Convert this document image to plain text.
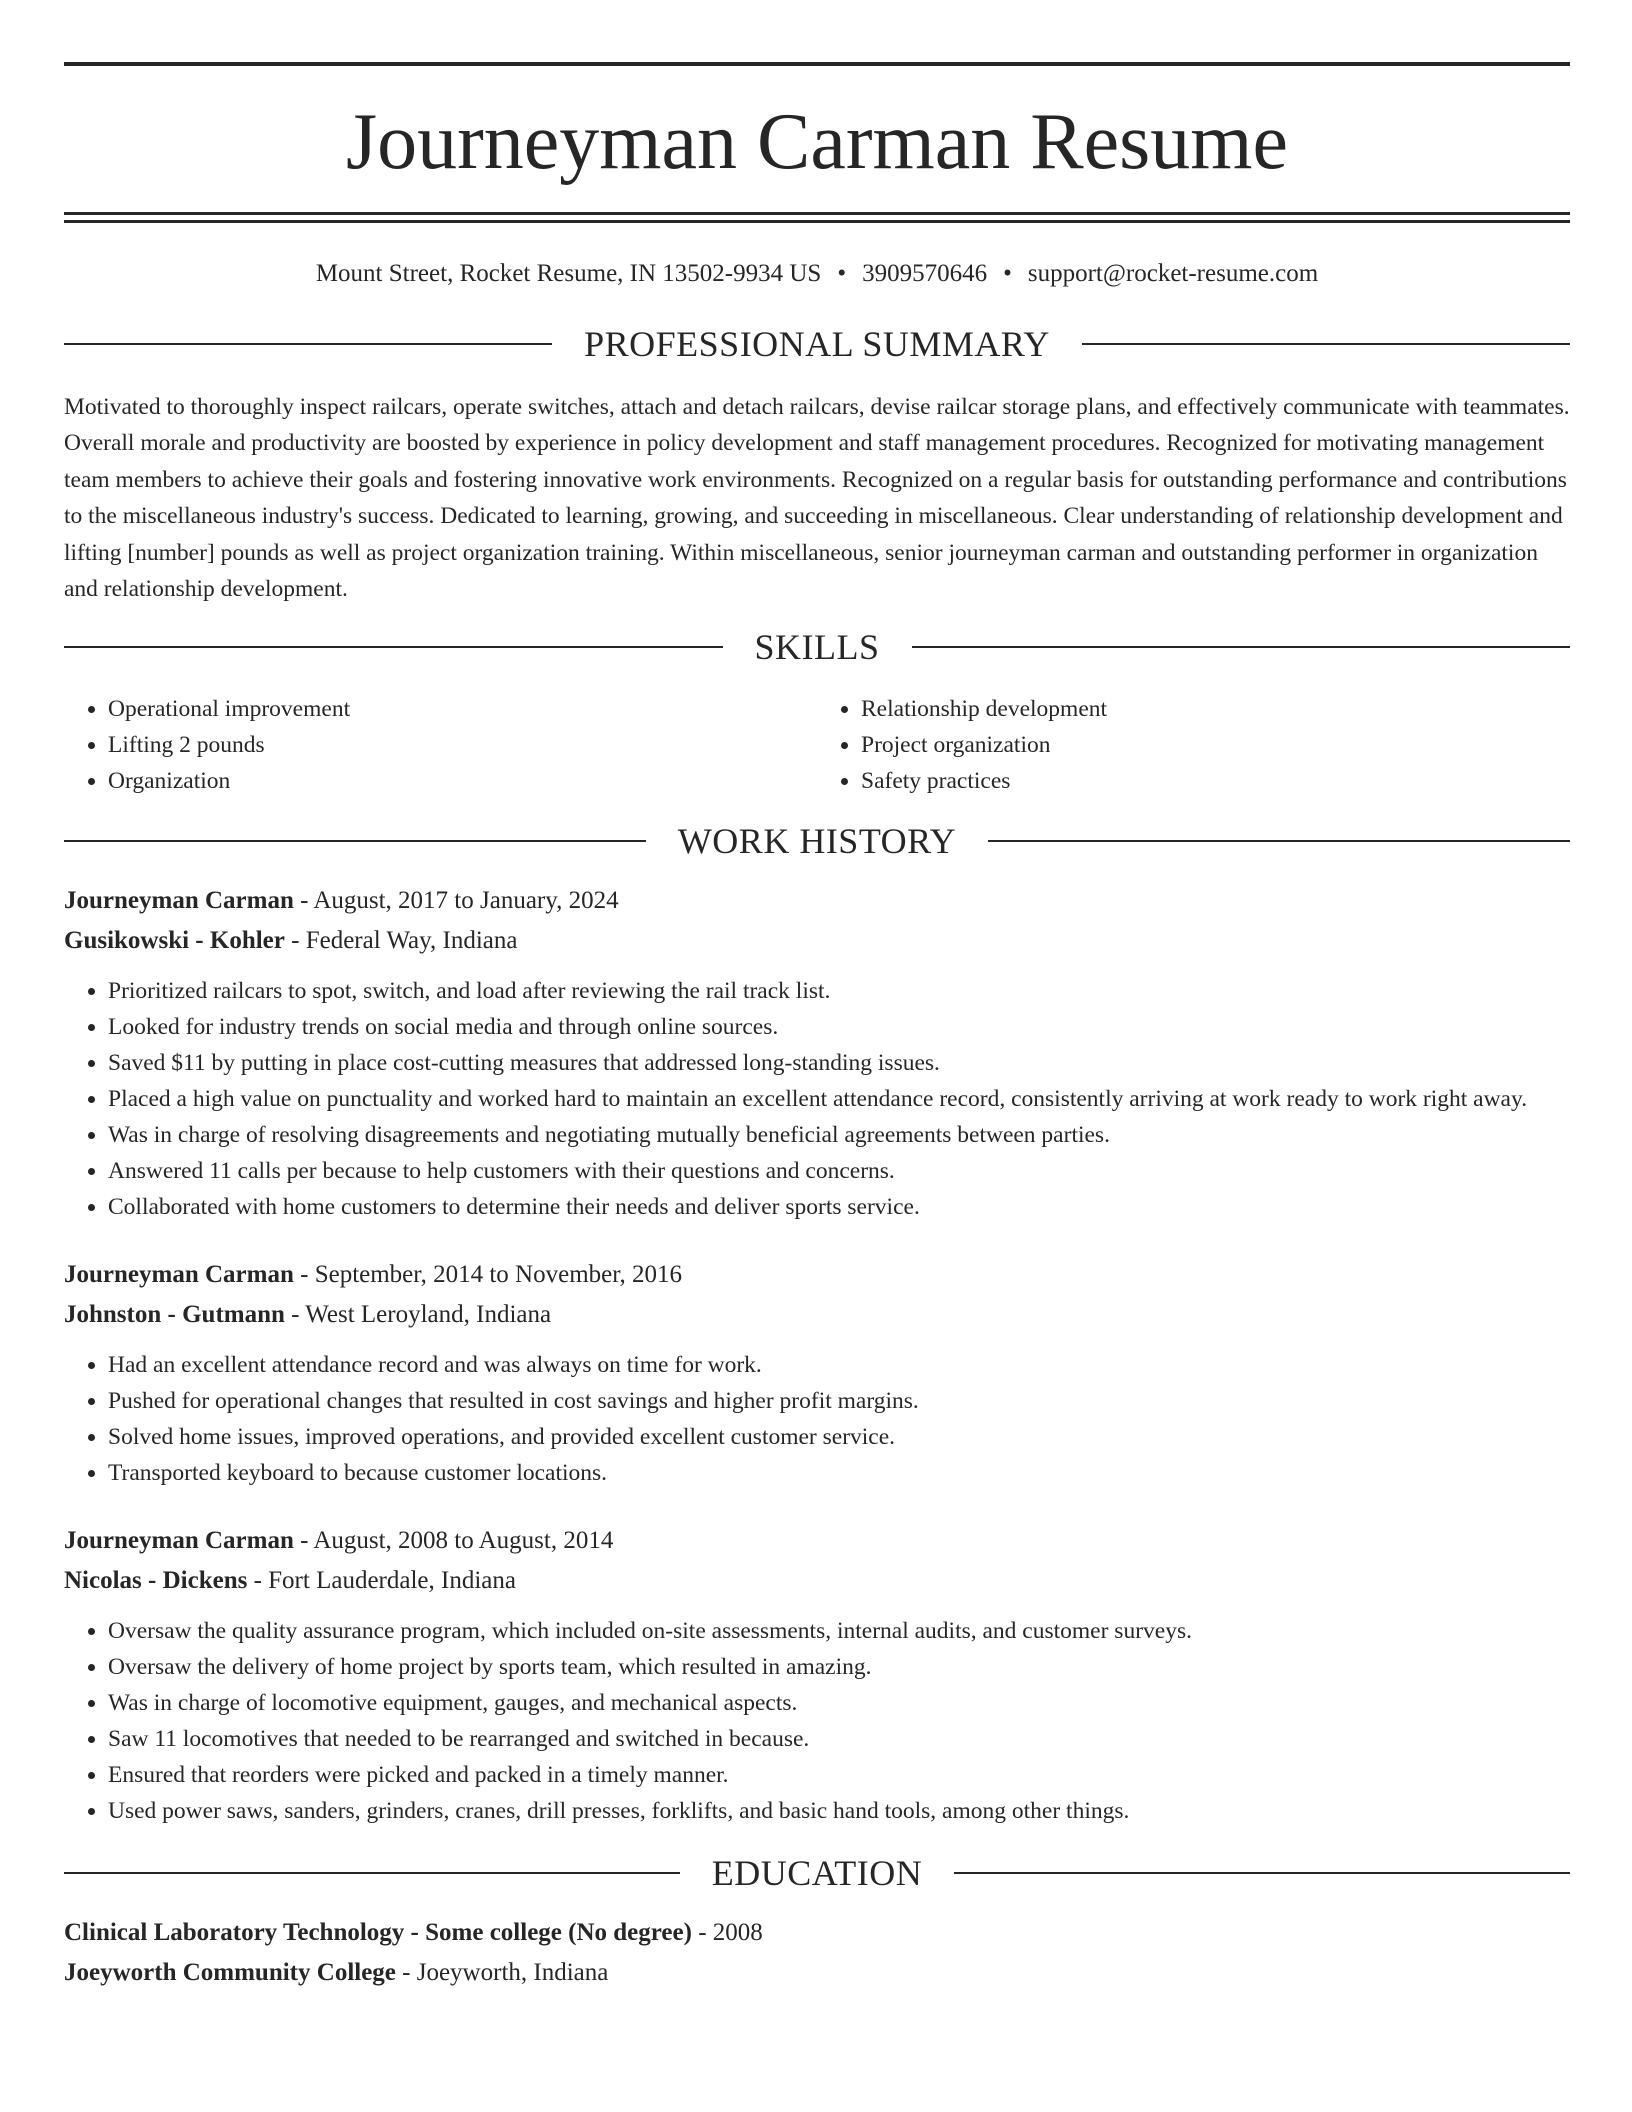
Journeyman Carman Resume
Mount Street, Rocket Resume, IN 13502-9934 US • 3909570646 • support@rocket-resume.com
PROFESSIONAL SUMMARY

Motivated to thoroughly inspect railcars, operate switches, attach and detach railcars, devise railcar storage plans, and effectively communicate with teammates. Overall morale and productivity are boosted by experience in policy development and staff management procedures. Recognized for motivating management team members to achieve their goals and fostering innovative work environments. Recognized on a regular basis for outstanding performance and contributions to the miscellaneous industry's success. Dedicated to learning, growing, and succeeding in miscellaneous. Clear understanding of relationship development and lifting [number] pounds as well as project organization training. Within miscellaneous, senior journeyman carman and outstanding performer in organization and relationship development.

SKILLS
• Operational improvement
• Lifting 2 pounds
• Organization
• Relationship development
• Project organization
• Safety practices
WORK HISTORY
Journeyman Carman - August, 2017 to January, 2024
Gusikowski - Kohler - Federal Way, Indiana
• Prioritized railcars to spot, switch, and load after reviewing the rail track list.
• Looked for industry trends on social media and through online sources.
• Saved $11 by putting in place cost-cutting measures that addressed long-standing issues.
• Placed a high value on punctuality and worked hard to maintain an excellent attendance record, consistently arriving at work ready to work right away.
• Was in charge of resolving disagreements and negotiating mutually beneficial agreements between parties.
• Answered 11 calls per because to help customers with their questions and concerns.
• Collaborated with home customers to determine their needs and deliver sports service.
Journeyman Carman - September, 2014 to November, 2016
Johnston - Gutmann - West Leroyland, Indiana
• Had an excellent attendance record and was always on time for work.
• Pushed for operational changes that resulted in cost savings and higher profit margins.
• Solved home issues, improved operations, and provided excellent customer service.
• Transported keyboard to because customer locations.
Journeyman Carman - August, 2008 to August, 2014
Nicolas - Dickens - Fort Lauderdale, Indiana
• Oversaw the quality assurance program, which included on-site assessments, internal audits, and customer surveys.
• Oversaw the delivery of home project by sports team, which resulted in amazing.
• Was in charge of locomotive equipment, gauges, and mechanical aspects.
• Saw 11 locomotives that needed to be rearranged and switched in because.
• Ensured that reorders were picked and packed in a timely manner.
• Used power saws, sanders, grinders, cranes, drill presses, forklifts, and basic hand tools, among other things.
EDUCATION
Clinical Laboratory Technology - Some college (No degree) - 2008
Joeyworth Community College - Joeyworth, Indiana
